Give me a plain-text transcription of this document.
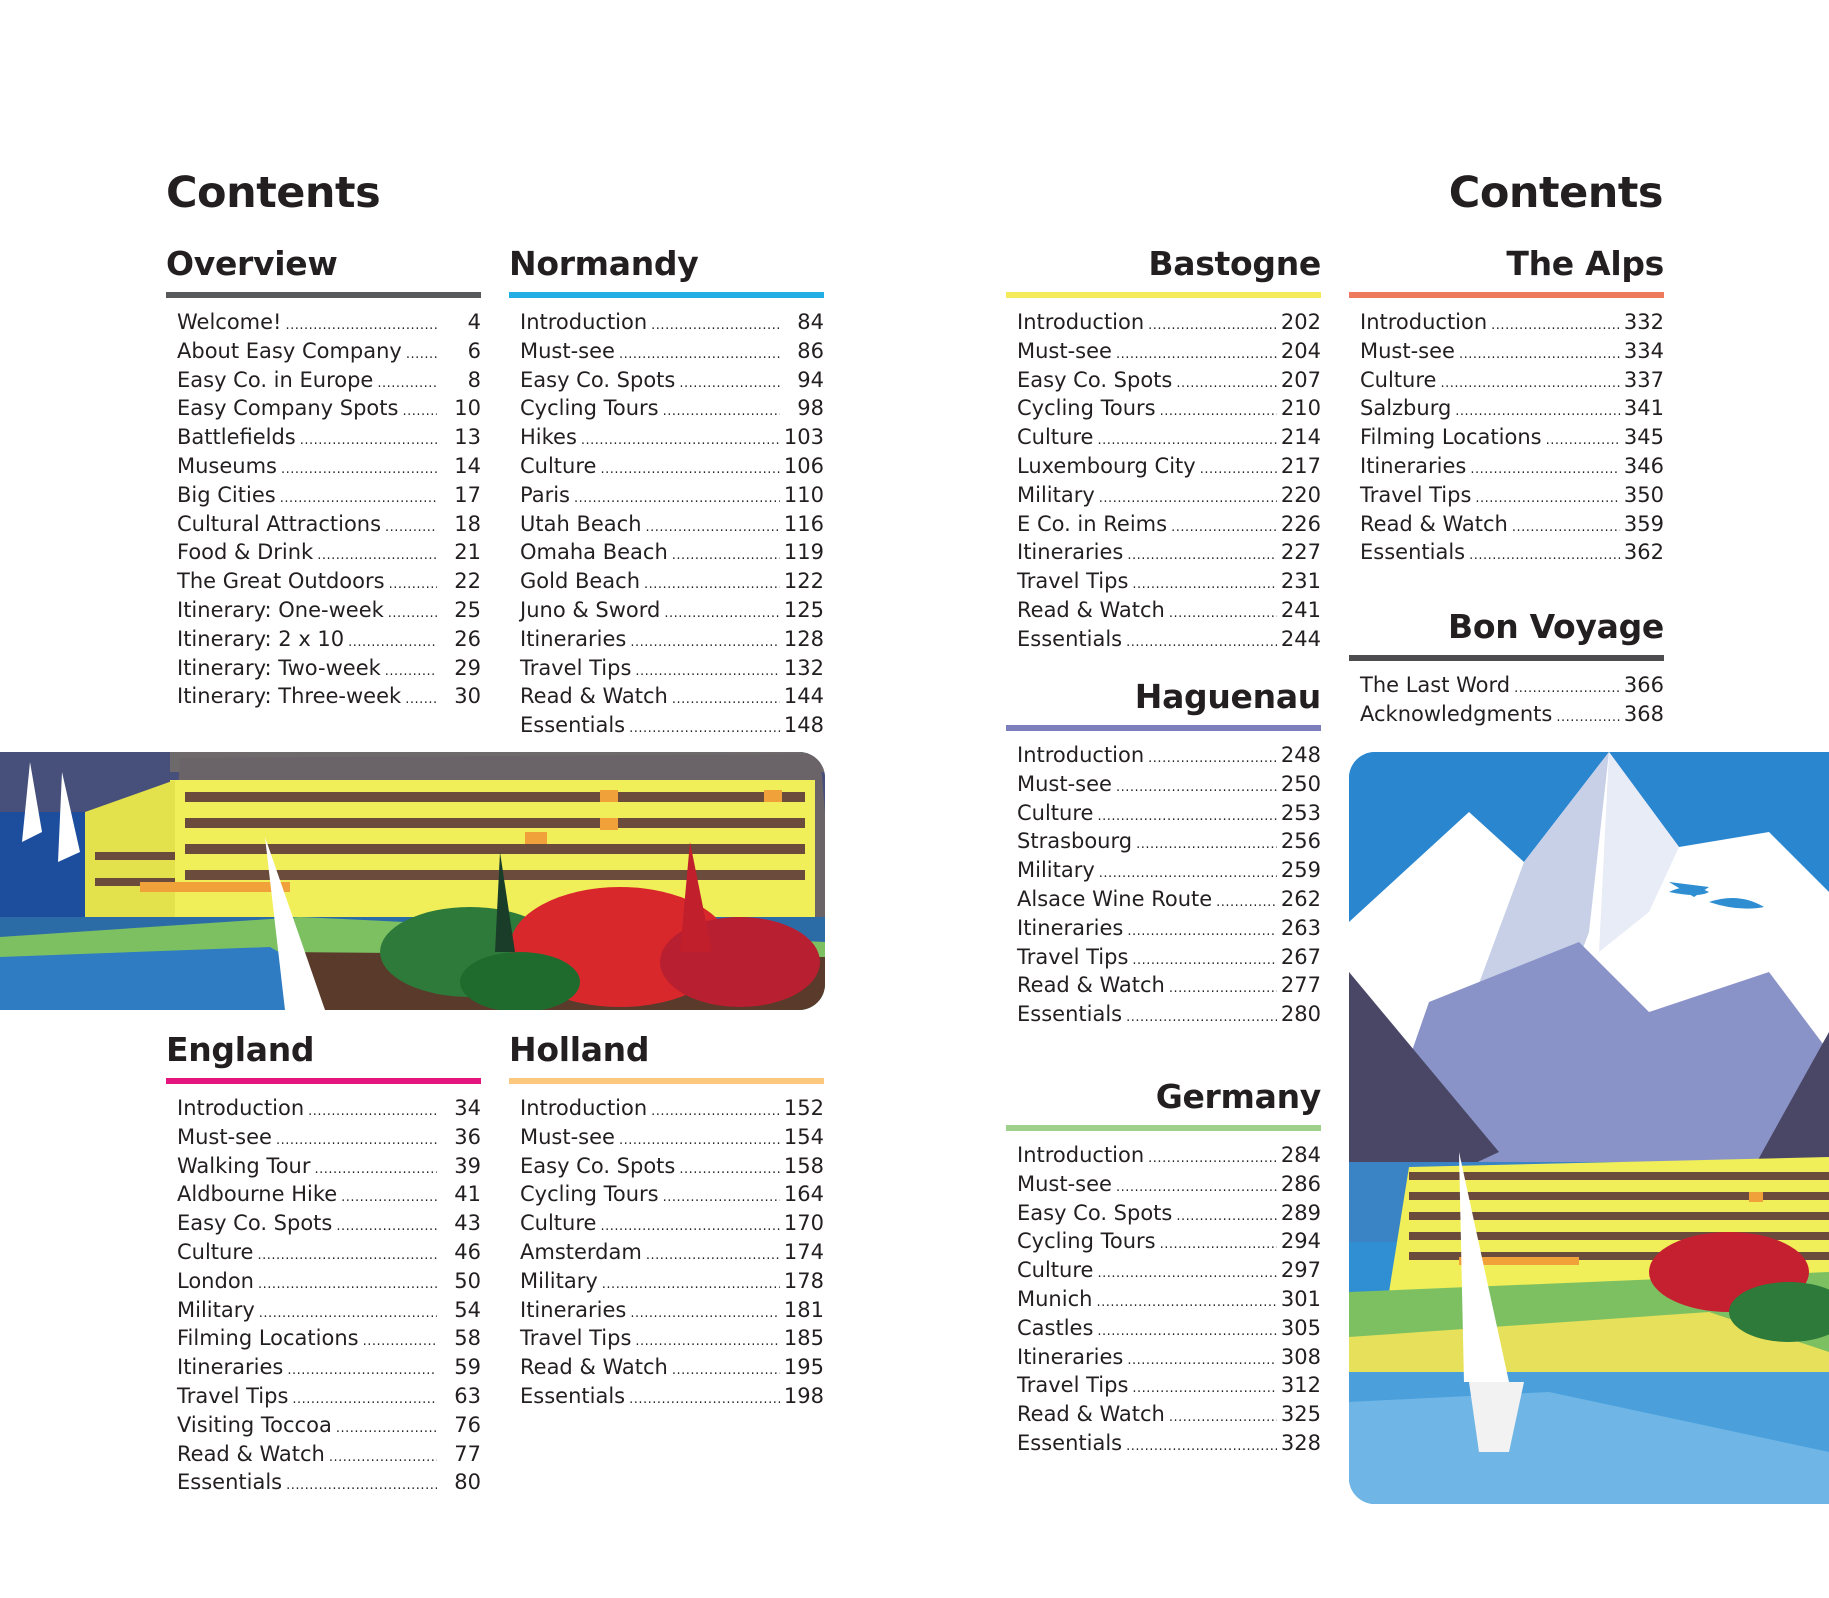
Contents
Overview
Welcome! .....	4
About Easy Company .....	6
Easy Co. in Europe .....	8
Easy Company Spots .....	10
Battlefields .....	13
Museums .....	14
Big Cities .....	17
Cultural Attractions .....	18
Food & Drink .....	21
The Great Outdoors .....	22
Itinerary: One-week .....	25
Itinerary: 2 x 10 .....	26
Itinerary: Two-week .....	29
Itinerary: Three-week .....	30
Normandy
Introduction .....	84
Must-see .....	86
Easy Co. Spots .....	94
Cycling Tours .....	98
Hikes .....	103
Culture .....	106
Paris .....	110
Utah Beach .....	116
Omaha Beach .....	119
Gold Beach .....	122
Juno & Sword .....	125
Itineraries .....	128
Travel Tips .....	132
Read & Watch .....	144
Essentials .....	148
England
Introduction .....	34
Must-see .....	36
Walking Tour .....	39
Aldbourne Hike .....	41
Easy Co. Spots .....	43
Culture .....	46
London .....	50
Military .....	54
Filming Locations .....	58
Itineraries .....	59
Travel Tips .....	63
Visiting Toccoa .....	76
Read & Watch .....	77
Essentials .....	80
Holland
Introduction .....	152
Must-see .....	154
Easy Co. Spots .....	158
Cycling Tours .....	164
Culture .....	170
Amsterdam .....	174
Military .....	178
Itineraries .....	181
Travel Tips .....	185
Read & Watch .....	195
Essentials .....	198
Contents
Bastogne
Introduction .....	202
Must-see .....	204
Easy Co. Spots .....	207
Cycling Tours .....	210
Culture .....	214
Luxembourg City .....	217
Military .....	220
E Co. in Reims .....	226
Itineraries .....	227
Travel Tips .....	231
Read & Watch .....	241
Essentials .....	244
Haguenau
Introduction .....	248
Must-see .....	250
Culture .....	253
Strasbourg .....	256
Military .....	259
Alsace Wine Route .....	262
Itineraries .....	263
Travel Tips .....	267
Read & Watch .....	277
Essentials .....	280
Germany
Introduction .....	284
Must-see .....	286
Easy Co. Spots .....	289
Cycling Tours .....	294
Culture .....	297
Munich .....	301
Castles .....	305
Itineraries .....	308
Travel Tips .....	312
Read & Watch .....	325
Essentials .....	328
The Alps
Introduction .....	332
Must-see .....	334
Culture .....	337
Salzburg .....	341
Filming Locations .....	345
Itineraries .....	346
Travel Tips .....	350
Read & Watch .....	359
Essentials .....	362
Bon Voyage
The Last Word .....	366
Acknowledgments .....	368
